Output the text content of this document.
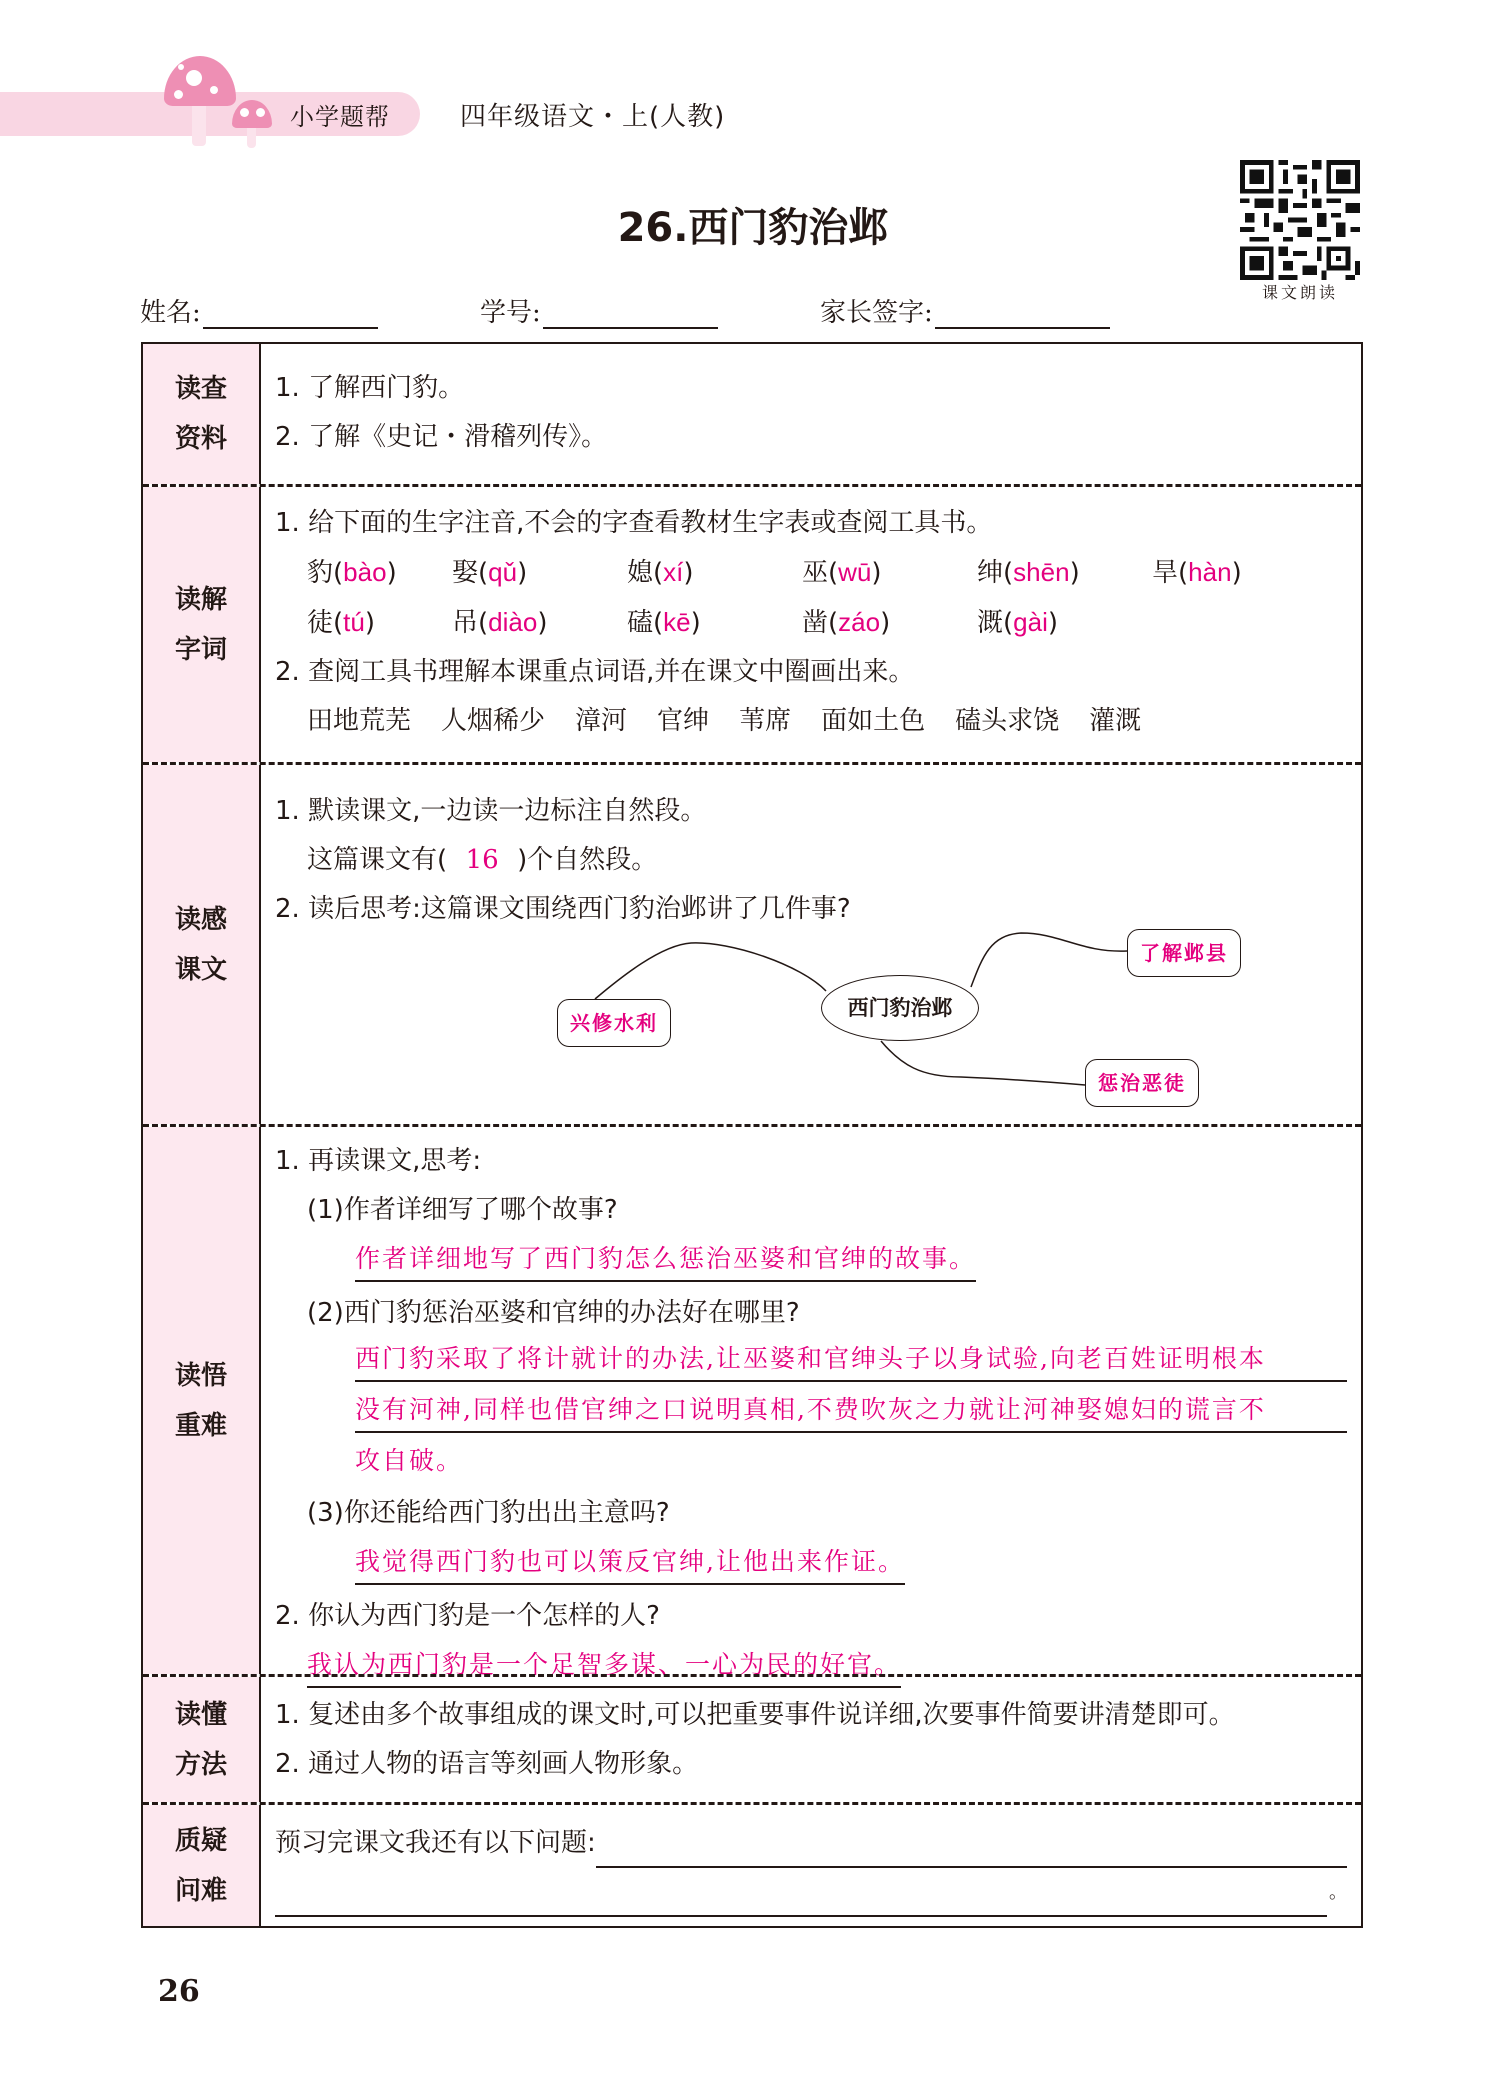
小学题帮	四年级语文・上(人教)
26.西门豹治邺
课文朗读
姓名:	学号:	家长签字:
读查
资料
1. 了解西门豹。
2. 了解《史记・滑稽列传》。
读解
字词
1. 给下面的生字注音,不会的字查看教材生字表或查阅工具书。
豹(bào)	娶(qǔ)	媳(xí)	巫(wū)	绅(shēn)	旱(hàn)
徒(tú)	吊(diào)	磕(kē)	凿(záo)	溉(gài)
2. 查阅工具书理解本课重点词语,并在课文中圈画出来。
田地荒芜 人烟稀少 漳河 官绅 苇席 面如土色 磕头求饶 灌溉
读感
课文
1. 默读课文,一边读一边标注自然段。
这篇课文有( 16 )个自然段。
2. 读后思考:这篇课文围绕西门豹治邺讲了几件事?
西门豹治邺
了解邺县
兴修水利
惩治恶徒
读悟
重难
1. 再读课文,思考:
(1)作者详细写了哪个故事?
作者详细地写了西门豹怎么惩治巫婆和官绅的故事。
(2)西门豹惩治巫婆和官绅的办法好在哪里?
西门豹采取了将计就计的办法,让巫婆和官绅头子以身试验,向老百姓证明根本
没有河神,同样也借官绅之口说明真相,不费吹灰之力就让河神娶媳妇的谎言不
攻自破。
(3)你还能给西门豹出出主意吗?
我觉得西门豹也可以策反官绅,让他出来作证。
2. 你认为西门豹是一个怎样的人?
我认为西门豹是一个足智多谋、一心为民的好官。
读懂
方法
1. 复述由多个故事组成的课文时,可以把重要事件说详细,次要事件简要讲清楚即可。
2. 通过人物的语言等刻画人物形象。
质疑
问难
预习完课文我还有以下问题:
。
26
